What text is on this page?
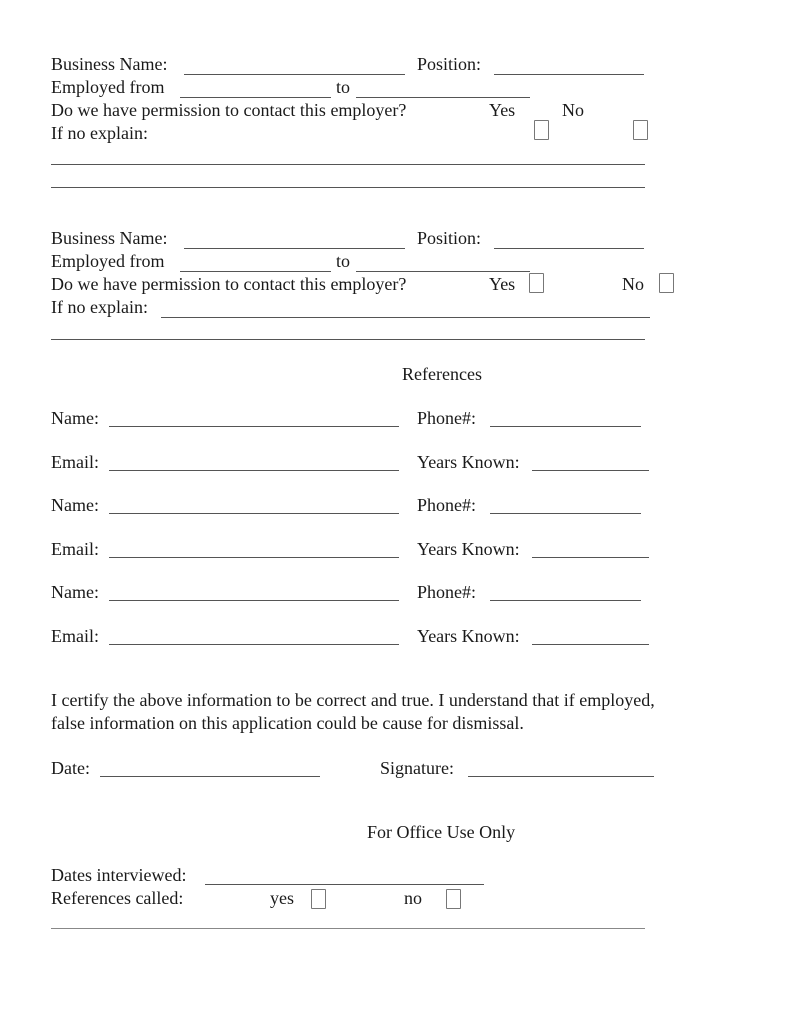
Business Name:	Position:
Employed from	to
Do we have permission to contact this employer?	Yes	No
If no explain:
Business Name:	Position:
Employed from	to
Do we have permission to contact this employer?	Yes	No
If no explain:
References
Name:	Phone#:
Email:	Years Known:
Name:	Phone#:
Email:	Years Known:
Name:	Phone#:
Email:	Years Known:
I certify the above information to be correct and true. I understand that if employed,
false information on this application could be cause for dismissal.
Date:	Signature:
For Office Use Only
Dates interviewed:
References called:	yes	no
